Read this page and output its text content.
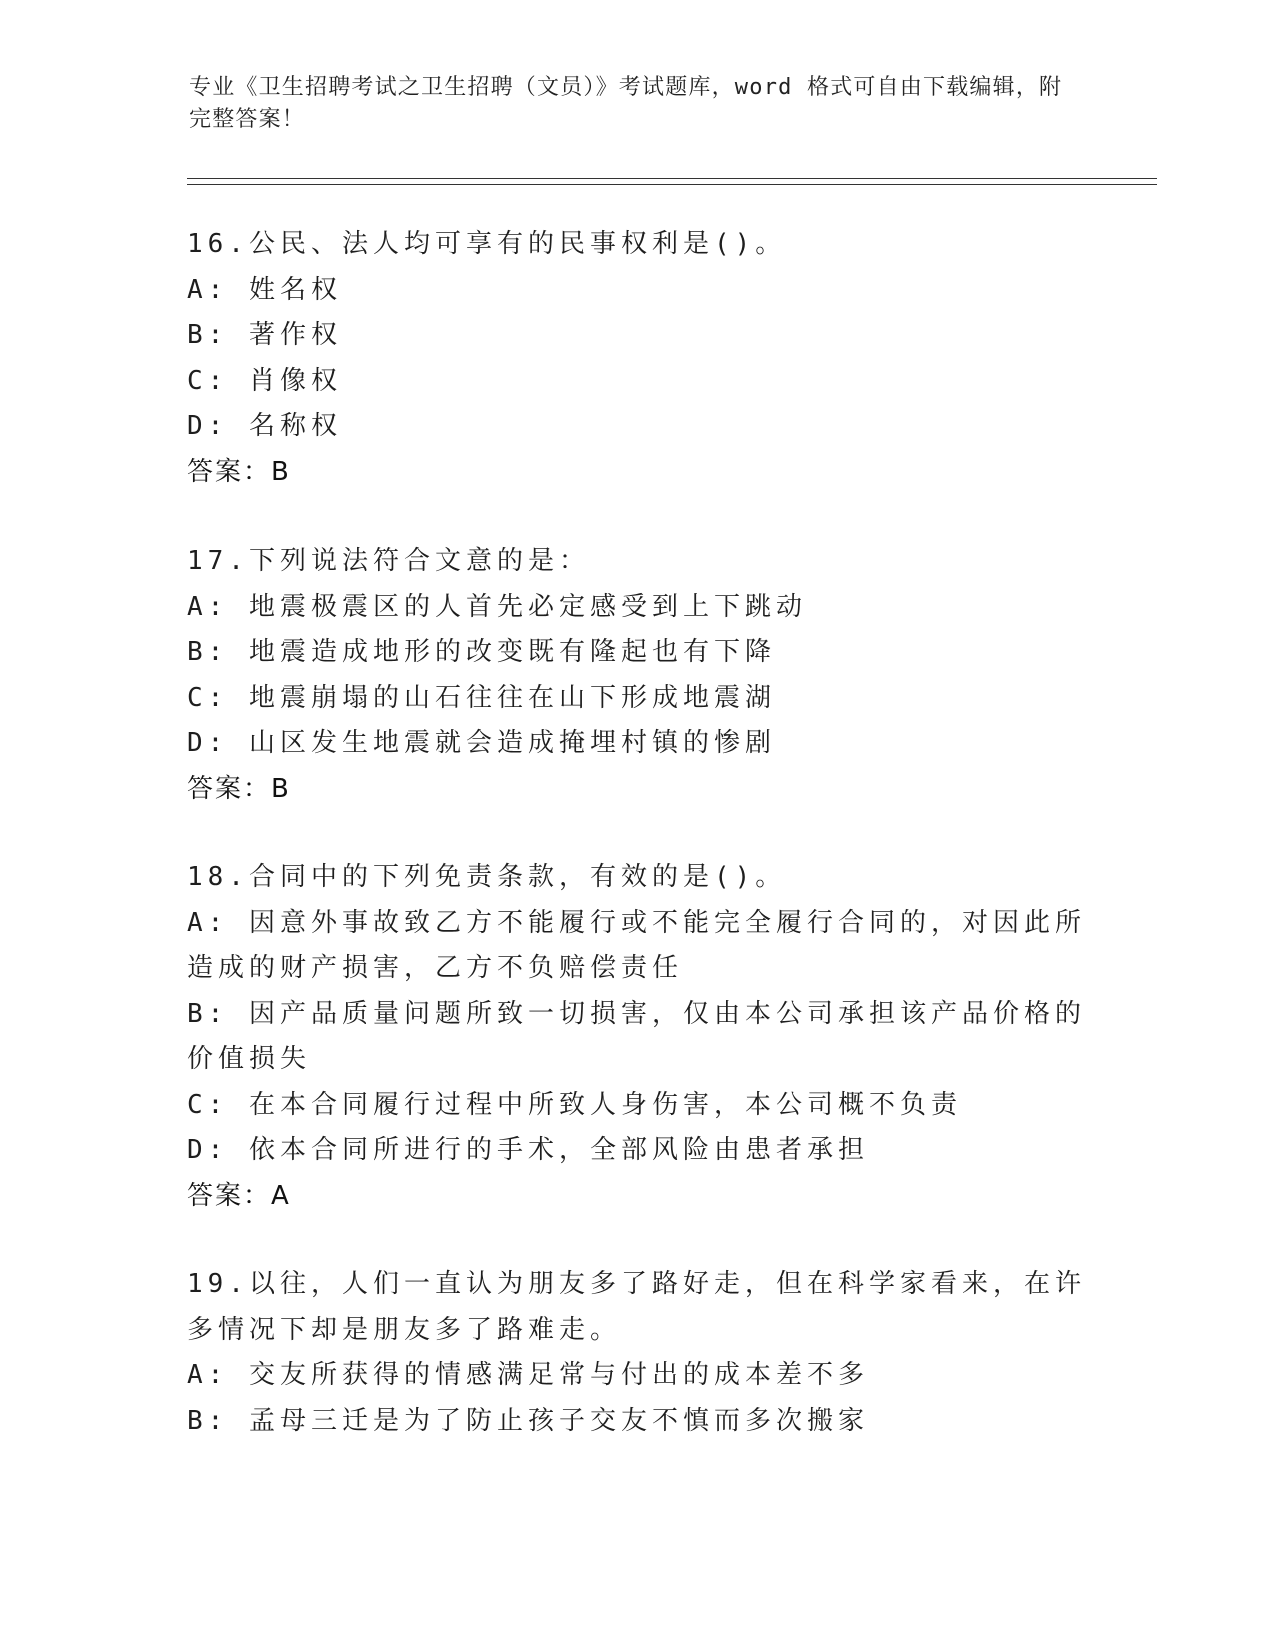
专业《卫生招聘考试之卫生招聘（文员）》考试题库，word 格式可自由下载编辑，附完整答案！
16.公民、法人均可享有的民事权利是()。
A: 姓名权
B: 著作权
C: 肖像权
D: 名称权
答案：B
17.下列说法符合文意的是：
A: 地震极震区的人首先必定感受到上下跳动
B: 地震造成地形的改变既有隆起也有下降
C: 地震崩塌的山石往往在山下形成地震湖
D: 山区发生地震就会造成掩埋村镇的惨剧
答案：B
18.合同中的下列免责条款，有效的是()。
A: 因意外事故致乙方不能履行或不能完全履行合同的，对因此所造成的财产损害，乙方不负赔偿责任
B: 因产品质量问题所致一切损害，仅由本公司承担该产品价格的价值损失
C: 在本合同履行过程中所致人身伤害，本公司概不负责
D: 依本合同所进行的手术，全部风险由患者承担
答案：A
19.以往，人们一直认为朋友多了路好走，但在科学家看来，在许多情况下却是朋友多了路难走。
A: 交友所获得的情感满足常与付出的成本差不多
B: 孟母三迁是为了防止孩子交友不慎而多次搬家
